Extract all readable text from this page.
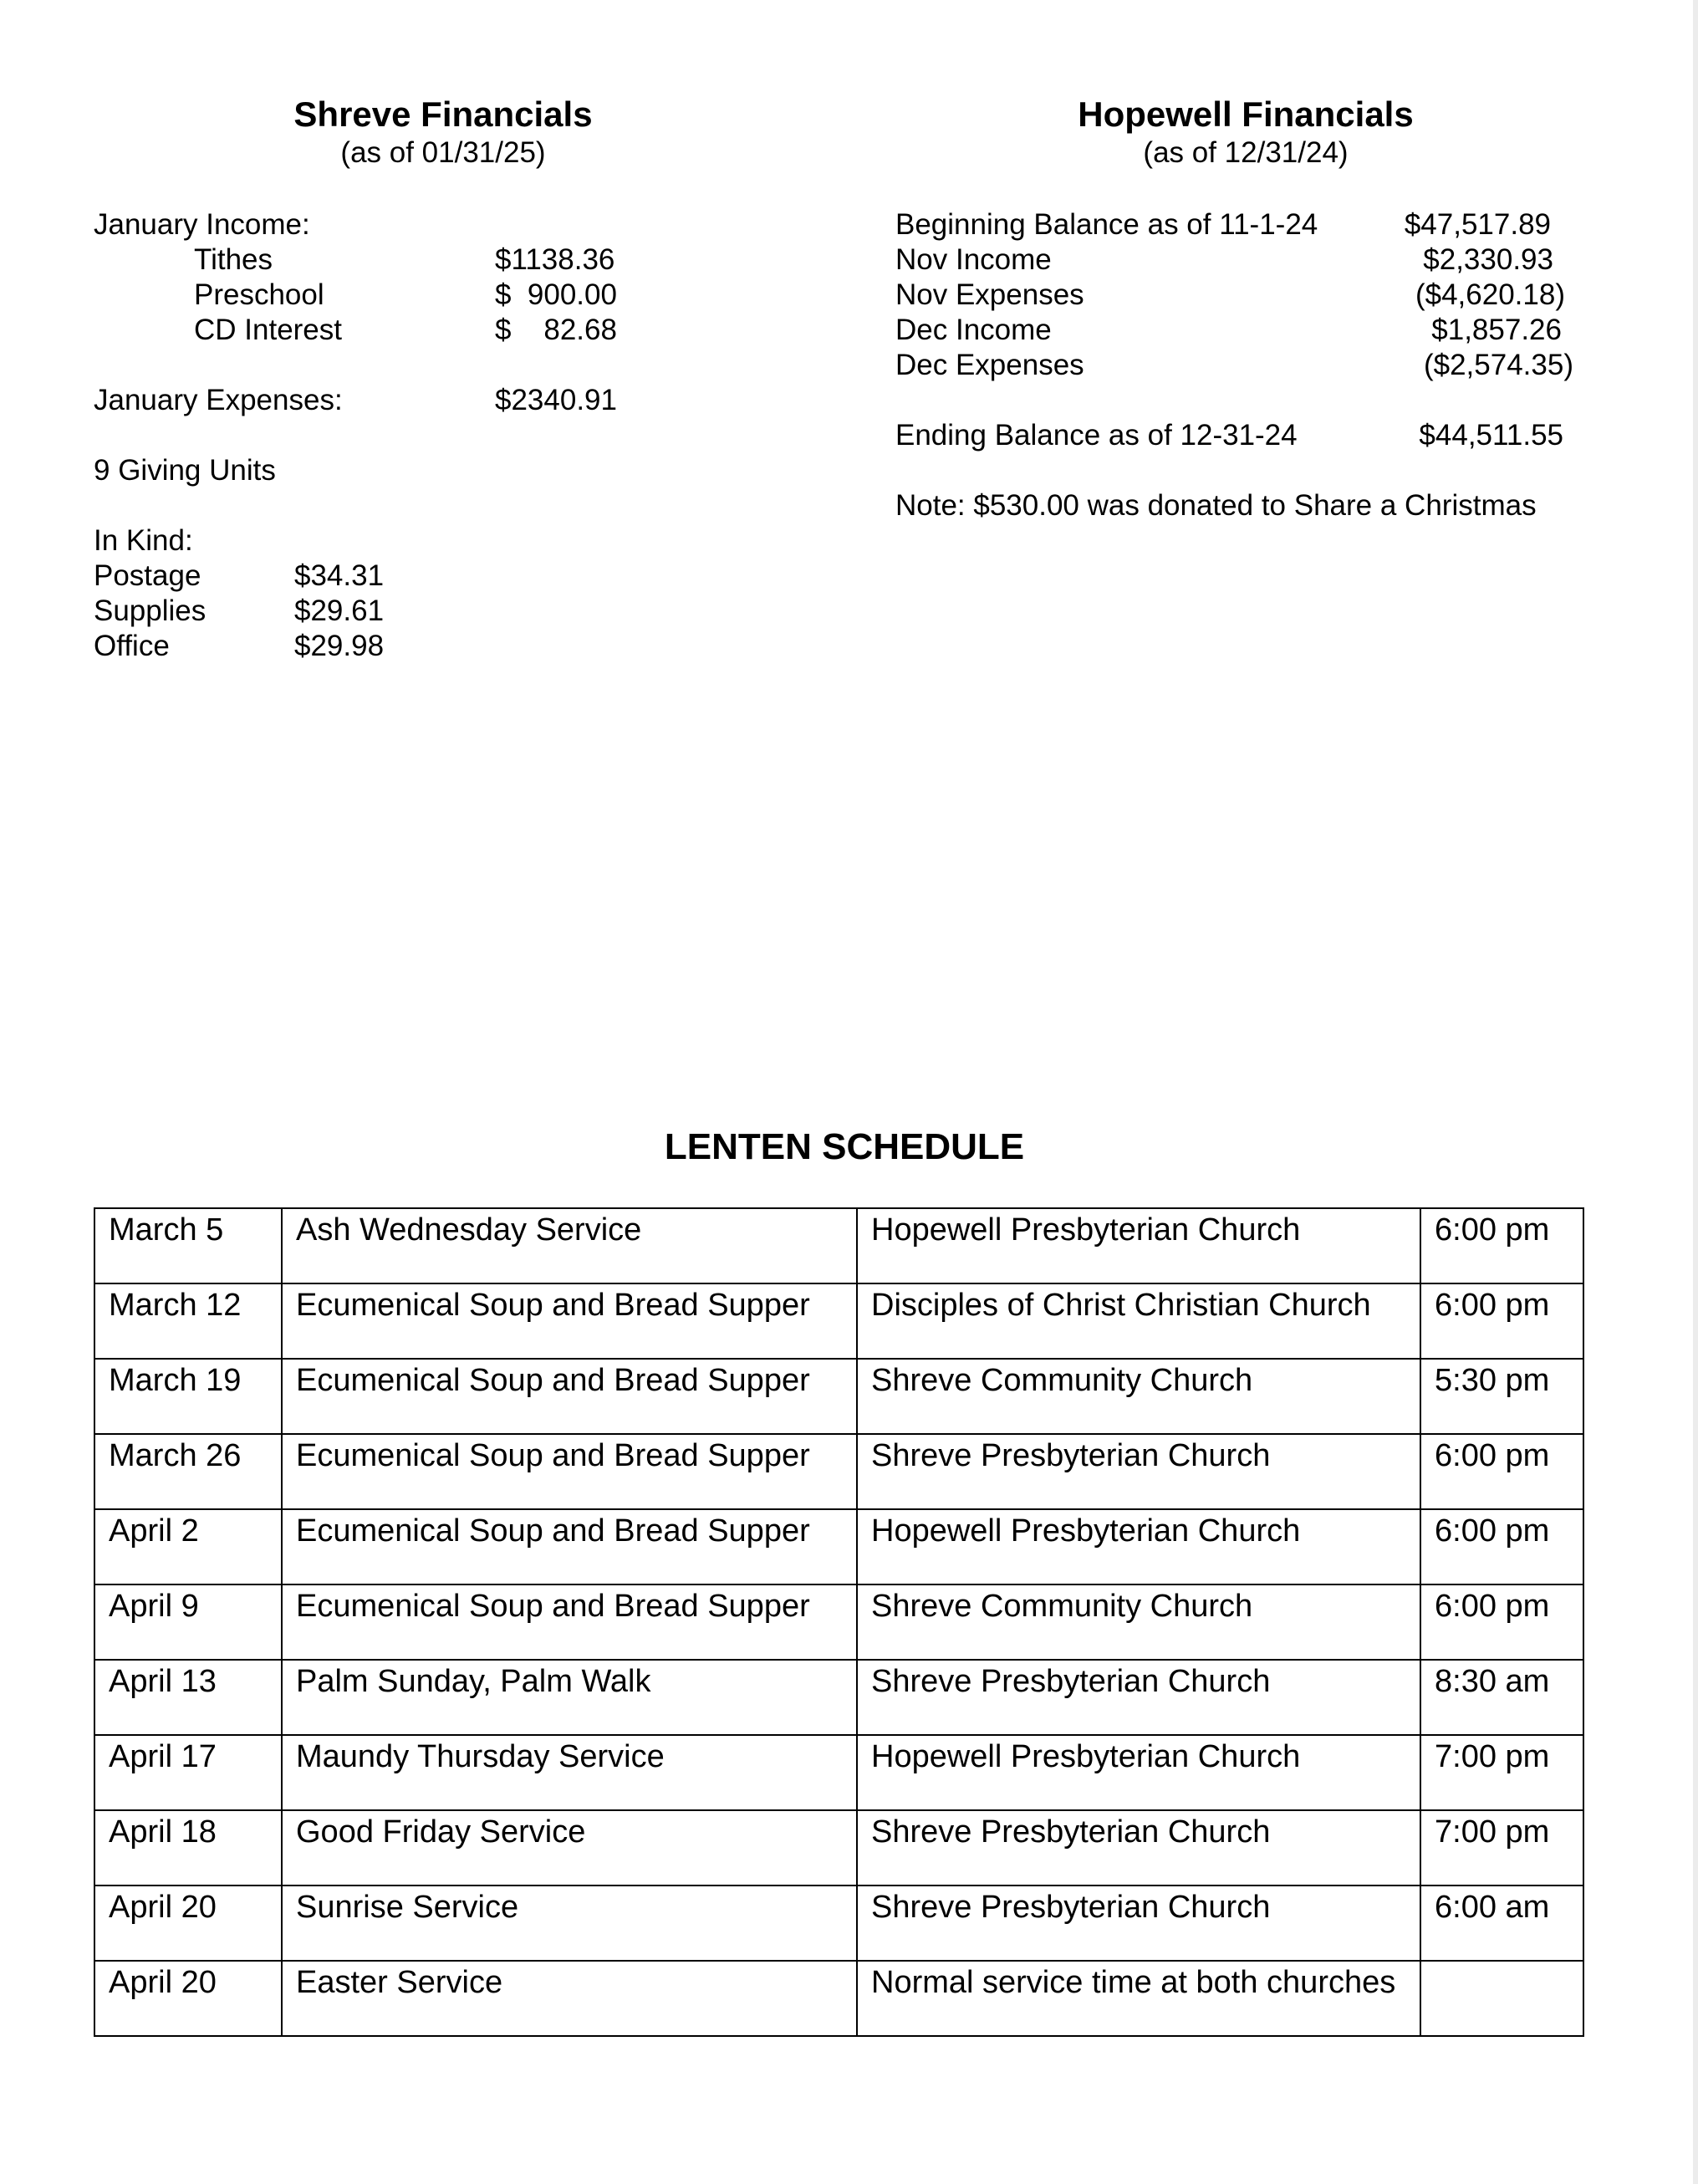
Shreve Financials
(as of 01/31/25)
January Income:
Tithes	$1138.36
Preschool	$  900.00
CD Interest	$    82.68
January Expenses:	$2340.91
9 Giving Units
In Kind:
Postage	$34.31
Supplies	$29.61
Office	$29.98
Hopewell Financials
(as of 12/31/24)
Beginning Balance as of 11-1-24	$47,517.89
Nov Income	$2,330.93
Nov Expenses	($4,620.18)
Dec Income	$1,857.26
Dec Expenses	($2,574.35)
Ending Balance as of 12-31-24	$44,511.55
Note: $530.00 was donated to Share a Christmas
LENTEN SCHEDULE
March 5	Ash Wednesday Service	Hopewell Presbyterian Church	6:00 pm
March 12	Ecumenical Soup and Bread Supper	Disciples of Christ Christian Church	6:00 pm
March 19	Ecumenical Soup and Bread Supper	Shreve Community Church	5:30 pm
March 26	Ecumenical Soup and Bread Supper	Shreve Presbyterian Church	6:00 pm
April 2	Ecumenical Soup and Bread Supper	Hopewell Presbyterian Church	6:00 pm
April 9	Ecumenical Soup and Bread Supper	Shreve Community Church	6:00 pm
April 13	Palm Sunday, Palm Walk	Shreve Presbyterian Church	8:30 am
April 17	Maundy Thursday Service	Hopewell Presbyterian Church	7:00 pm
April 18	Good Friday Service	Shreve Presbyterian Church	7:00 pm
April 20	Sunrise Service	Shreve Presbyterian Church	6:00 am
April 20	Easter Service	Normal service time at both churches	
